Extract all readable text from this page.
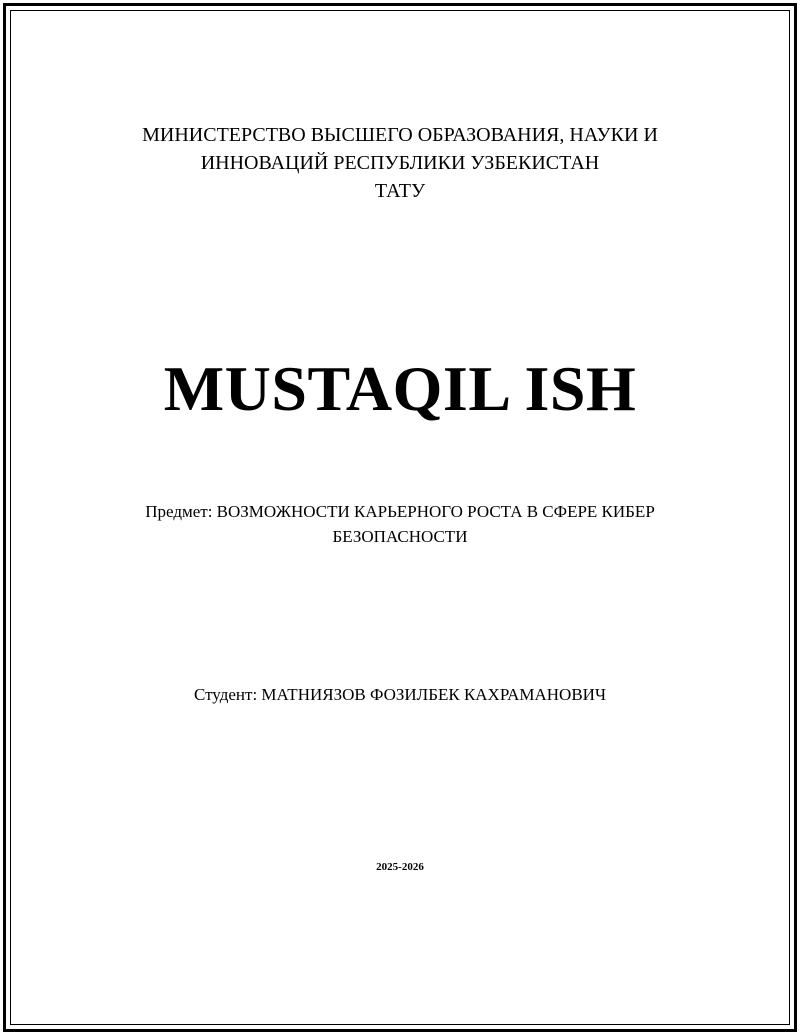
МИНИСТЕРСТВО ВЫСШЕГО ОБРАЗОВАНИЯ, НАУКИ И
ИННОВАЦИЙ РЕСПУБЛИКИ УЗБЕКИСТАН
ТАТУ
MUSTAQIL ISH
Предмет: ВОЗМОЖНОСТИ КАРЬЕРНОГО РОСТА В СФЕРЕ КИБЕР
БЕЗОПАСНОСТИ
Студент: МАТНИЯЗОВ ФОЗИЛБЕК КАХРАМАНОВИЧ
2025-2026
